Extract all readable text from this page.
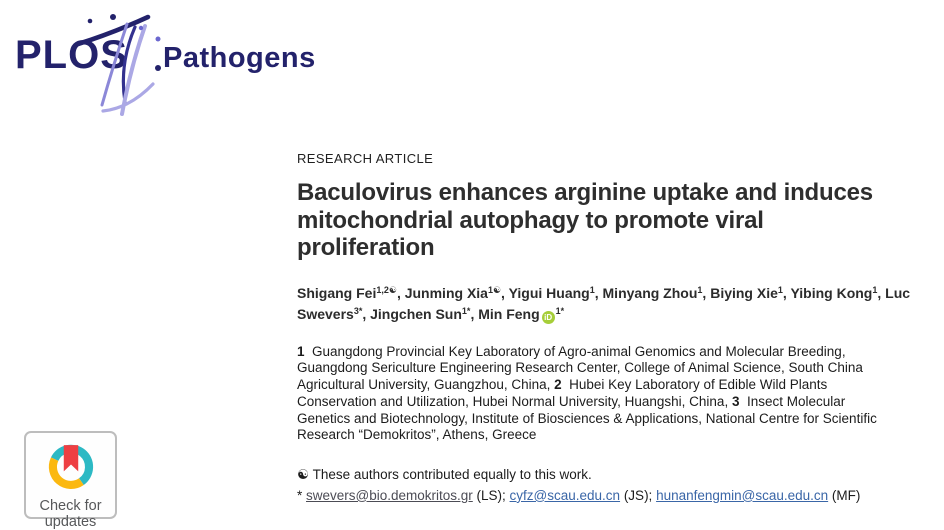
PLOS Pathogens
RESEARCH ARTICLE
Baculovirus enhances arginine uptake and induces mitochondrial autophagy to promote viral proliferation
Shigang Fei$^{1,2☯}$, Junming Xia$^{1☯}$, Yigui Huang$^1$, Minyang Zhou$^1$, Biying Xie$^1$, Yibing Kong$^1$, Luc Swevers$^{3*}$, Jingchen Sun$^{1*}$, Min Feng $iD^{1*}$
1  Guangdong Provincial Key Laboratory of Agro-animal Genomics and Molecular Breeding, Guangdong Sericulture Engineering Research Center, College of Animal Science, South China Agricultural University, Guangzhou, China, 2  Hubei Key Laboratory of Edible Wild Plants Conservation and Utilization, Hubei Normal University, Huangshi, China, 3  Insect Molecular Genetics and Biotechnology, Institute of Biosciences & Applications, National Centre for Scientific Research “Demokritos”, Athens, Greece
☯ These authors contributed equally to this work.
* swevers@bio.demokritos.gr (LS); cyfz@scau.edu.cn (JS); hunanfengmin@scau.edu.cn (MF)
Check for
updates
